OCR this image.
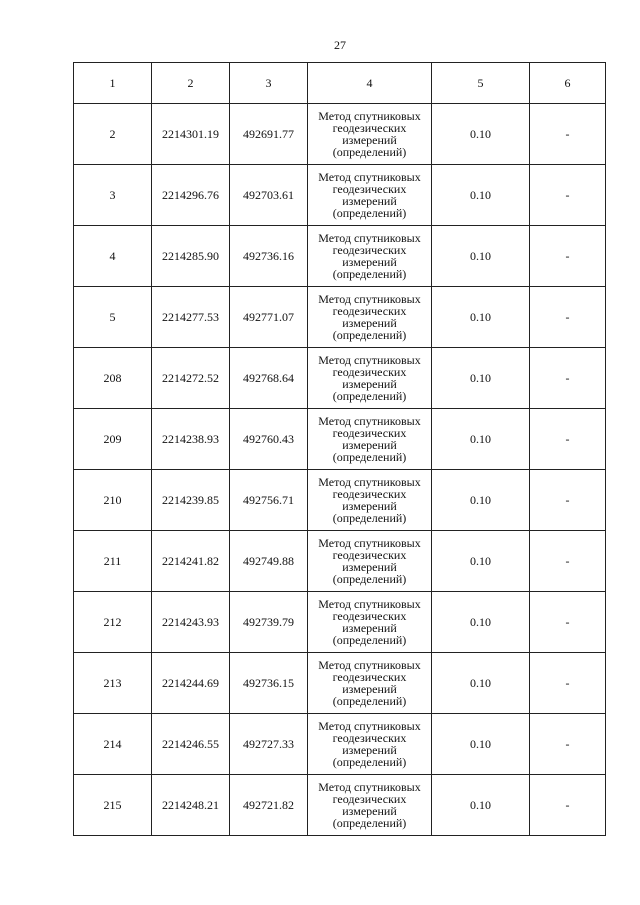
27
1	2	3	4	5	6
2	2214301.19	492691.77	Метод спутниковых
геодезических
измерений
(определений)	0.10	-
3	2214296.76	492703.61	Метод спутниковых
геодезических
измерений
(определений)	0.10	-
4	2214285.90	492736.16	Метод спутниковых
геодезических
измерений
(определений)	0.10	-
5	2214277.53	492771.07	Метод спутниковых
геодезических
измерений
(определений)	0.10	-
208	2214272.52	492768.64	Метод спутниковых
геодезических
измерений
(определений)	0.10	-
209	2214238.93	492760.43	Метод спутниковых
геодезических
измерений
(определений)	0.10	-
210	2214239.85	492756.71	Метод спутниковых
геодезических
измерений
(определений)	0.10	-
211	2214241.82	492749.88	Метод спутниковых
геодезических
измерений
(определений)	0.10	-
212	2214243.93	492739.79	Метод спутниковых
геодезических
измерений
(определений)	0.10	-
213	2214244.69	492736.15	Метод спутниковых
геодезических
измерений
(определений)	0.10	-
214	2214246.55	492727.33	Метод спутниковых
геодезических
измерений
(определений)	0.10	-
215	2214248.21	492721.82	Метод спутниковых
геодезических
измерений
(определений)	0.10	-
